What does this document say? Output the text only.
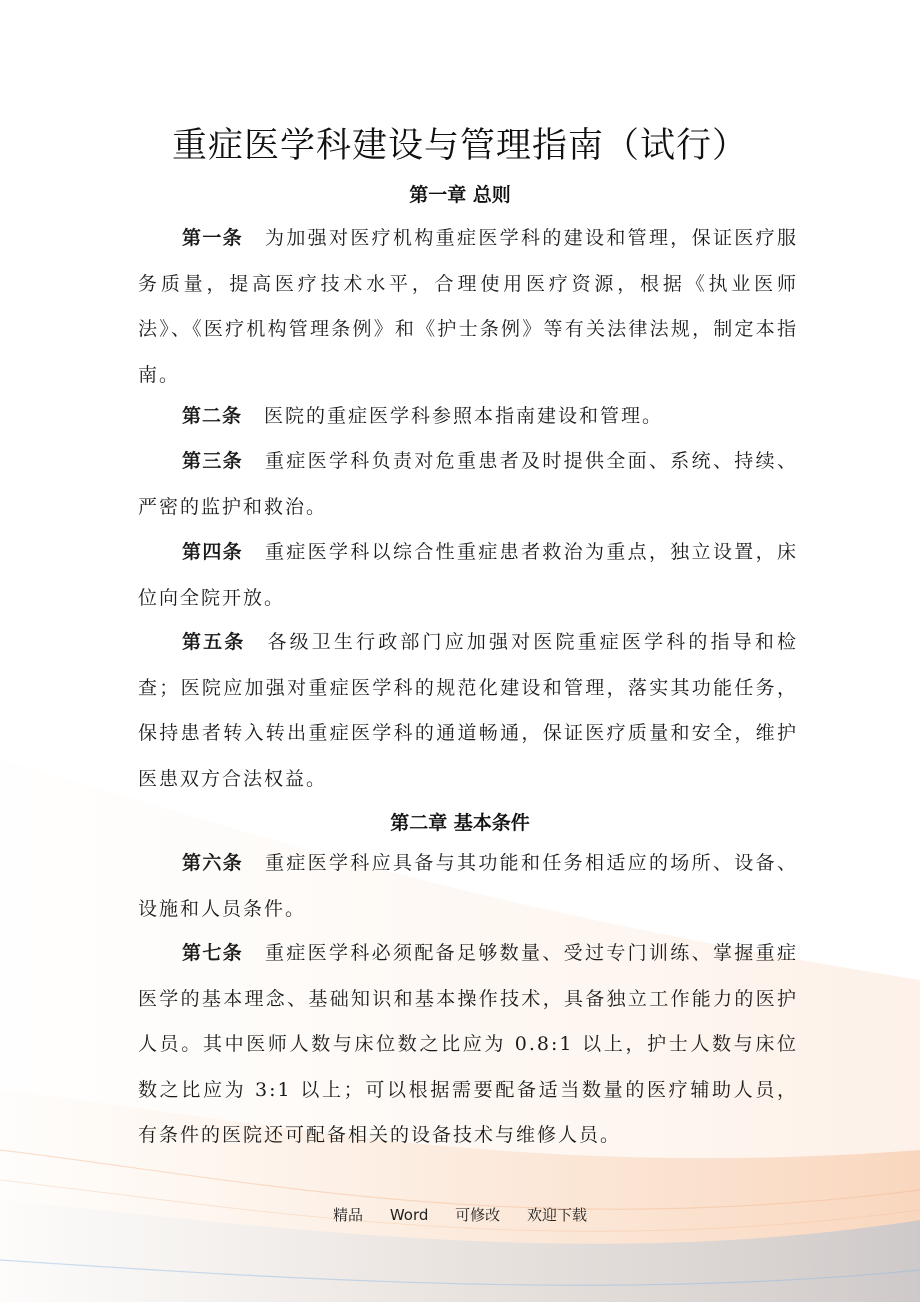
重症医学科建设与管理指南（试行）
第一章 总则

第一条 为加强对医疗机构重症医学科的建设和管理，保证医疗服务质量，提高医疗技术水平，合理使用医疗资源，根据《执业医师法》、《医疗机构管理条例》和《护士条例》等有关法律法规，制定本指南。

第二条 医院的重症医学科参照本指南建设和管理。

第三条 重症医学科负责对危重患者及时提供全面、系统、持续、严密的监护和救治。

第四条 重症医学科以综合性重症患者救治为重点，独立设置，床位向全院开放。

第五条 各级卫生行政部门应加强对医院重症医学科的指导和检查；医院应加强对重症医学科的规范化建设和管理，落实其功能任务，保持患者转入转出重症医学科的通道畅通，保证医疗质量和安全，维护医患双方合法权益。

第二章 基本条件

第六条 重症医学科应具备与其功能和任务相适应的场所、设备、设施和人员条件。

第七条 重症医学科必须配备足够数量、受过专门训练、掌握重症医学的基本理念、基础知识和基本操作技术，具备独立工作能力的医护人员。其中医师人数与床位数之比应为 0.8:1 以上，护士人数与床位数之比应为 3:1 以上；可以根据需要配备适当数量的医疗辅助人员，有条件的医院还可配备相关的设备技术与维修人员。

精品 Word 可修改 欢迎下载
